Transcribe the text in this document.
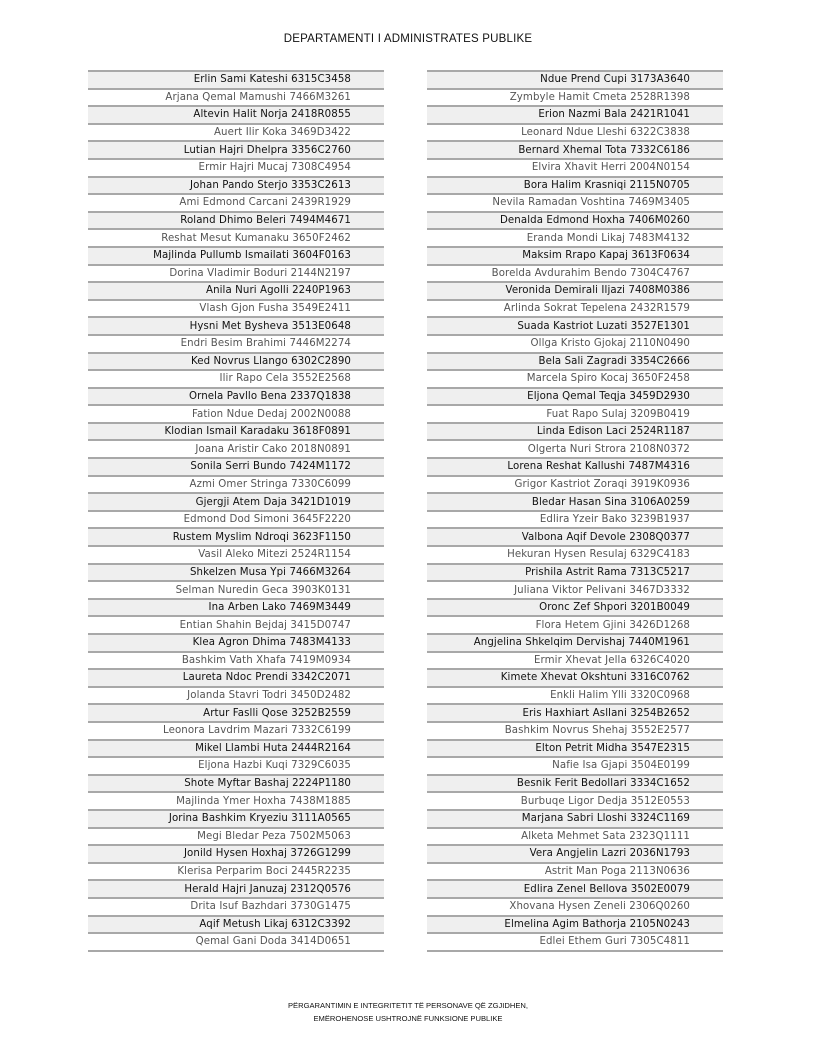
DEPARTAMENTI I ADMINISTRATES PUBLIKE
Erlin Sami Kateshi 6315C3458
Arjana Qemal Mamushi 7466M3261
Altevin Halit Norja 2418R0855
Auert Ilir Koka 3469D3422
Lutian Hajri Dhelpra 3356C2760
Ermir Hajri Mucaj 7308C4954
Johan Pando Sterjo 3353C2613
Ami Edmond Carcani 2439R1929
Roland Dhimo Beleri 7494M4671
Reshat Mesut Kumanaku 3650F2462
Majlinda Pullumb Ismailati 3604F0163
Dorina Vladimir Boduri 2144N2197
Anila Nuri Agolli 2240P1963
Vlash Gjon Fusha 3549E2411
Hysni Met Bysheva 3513E0648
Endri Besim Brahimi 7446M2274
Ked Novrus Llango 6302C2890
Ilir Rapo Cela 3552E2568
Ornela Pavllo Bena 2337Q1838
Fation Ndue Dedaj 2002N0088
Klodian Ismail Karadaku 3618F0891
Joana Aristir Cako 2018N0891
Sonila Serri Bundo 7424M1172
Azmi Omer Stringa 7330C6099
Gjergji Atem Daja 3421D1019
Edmond Dod Simoni 3645F2220
Rustem Myslim Ndroqi 3623F1150
Vasil Aleko Mitezi 2524R1154
Shkelzen Musa Ypi 7466M3264
Selman Nuredin Geca 3903K0131
Ina Arben Lako 7469M3449
Entian Shahin Bejdaj 3415D0747
Klea Agron Dhima 7483M4133
Bashkim Vath Xhafa 7419M0934
Laureta Ndoc Prendi 3342C2071
Jolanda Stavri Todri 3450D2482
Artur Faslli Qose 3252B2559
Leonora Lavdrim Mazari 7332C6199
Mikel Llambi Huta 2444R2164
Eljona Hazbi Kuqi 7329C6035
Shote Myftar Bashaj 2224P1180
Majlinda Ymer Hoxha 7438M1885
Jorina Bashkim Kryeziu 3111A0565
Megi Bledar Peza 7502M5063
Jonild Hysen Hoxhaj 3726G1299
Klerisa Perparim Boci 2445R2235
Herald Hajri Januzaj 2312Q0576
Drita Isuf Bazhdari 3730G1475
Aqif Metush Likaj 6312C3392
Qemal Gani Doda 3414D0651
Ndue Prend Cupi 3173A3640
Zymbyle Hamit Cmeta 2528R1398
Erion Nazmi Bala 2421R1041
Leonard Ndue Lleshi 6322C3838
Bernard Xhemal Tota 7332C6186
Elvira Xhavit Herri 2004N0154
Bora Halim Krasniqi 2115N0705
Nevila Ramadan Voshtina 7469M3405
Denalda Edmond Hoxha 7406M0260
Eranda Mondi Likaj 7483M4132
Maksim Rrapo Kapaj 3613F0634
Borelda Avdurahim Bendo 7304C4767
Veronida Demirali Iljazi 7408M0386
Arlinda Sokrat Tepelena 2432R1579
Suada Kastriot Luzati 3527E1301
Ollga Kristo Gjokaj 2110N0490
Bela Sali Zagradi 3354C2666
Marcela Spiro Kocaj 3650F2458
Eljona Qemal Teqja 3459D2930
Fuat Rapo Sulaj 3209B0419
Linda Edison Laci 2524R1187
Olgerta Nuri Strora 2108N0372
Lorena Reshat Kallushi 7487M4316
Grigor Kastriot Zoraqi 3919K0936
Bledar Hasan Sina 3106A0259
Edlira Yzeir Bako 3239B1937
Valbona Aqif Devole 2308Q0377
Hekuran Hysen Resulaj 6329C4183
Prishila Astrit Rama 7313C5217
Juliana Viktor Pelivani 3467D3332
Oronc Zef Shpori 3201B0049
Flora Hetem Gjini 3426D1268
Angjelina Shkelqim Dervishaj 7440M1961
Ermir Xhevat Jella 6326C4020
Kimete Xhevat Okshtuni 3316C0762
Enkli Halim Ylli 3320C0968
Eris Haxhiart Asllani 3254B2652
Bashkim Novrus Shehaj 3552E2577
Elton Petrit Midha 3547E2315
Nafie Isa Gjapi 3504E0199
Besnik Ferit Bedollari 3334C1652
Burbuqe Ligor Dedja 3512E0553
Marjana Sabri Lloshi 3324C1169
Alketa Mehmet Sata 2323Q1111
Vera Angjelin Lazri 2036N1793
Astrit Man Poga 2113N0636
Edlira Zenel Bellova 3502E0079
Xhovana Hysen Zeneli 2306Q0260
Elmelina Agim Bathorja 2105N0243
Edlei Ethem Guri 7305C4811
PËRGARANTIMIN E INTEGRITETIT TË PERSONAVE QË ZGJIDHEN,
EMËROHENOSE USHTROJNË FUNKSIONE PUBLIKE
